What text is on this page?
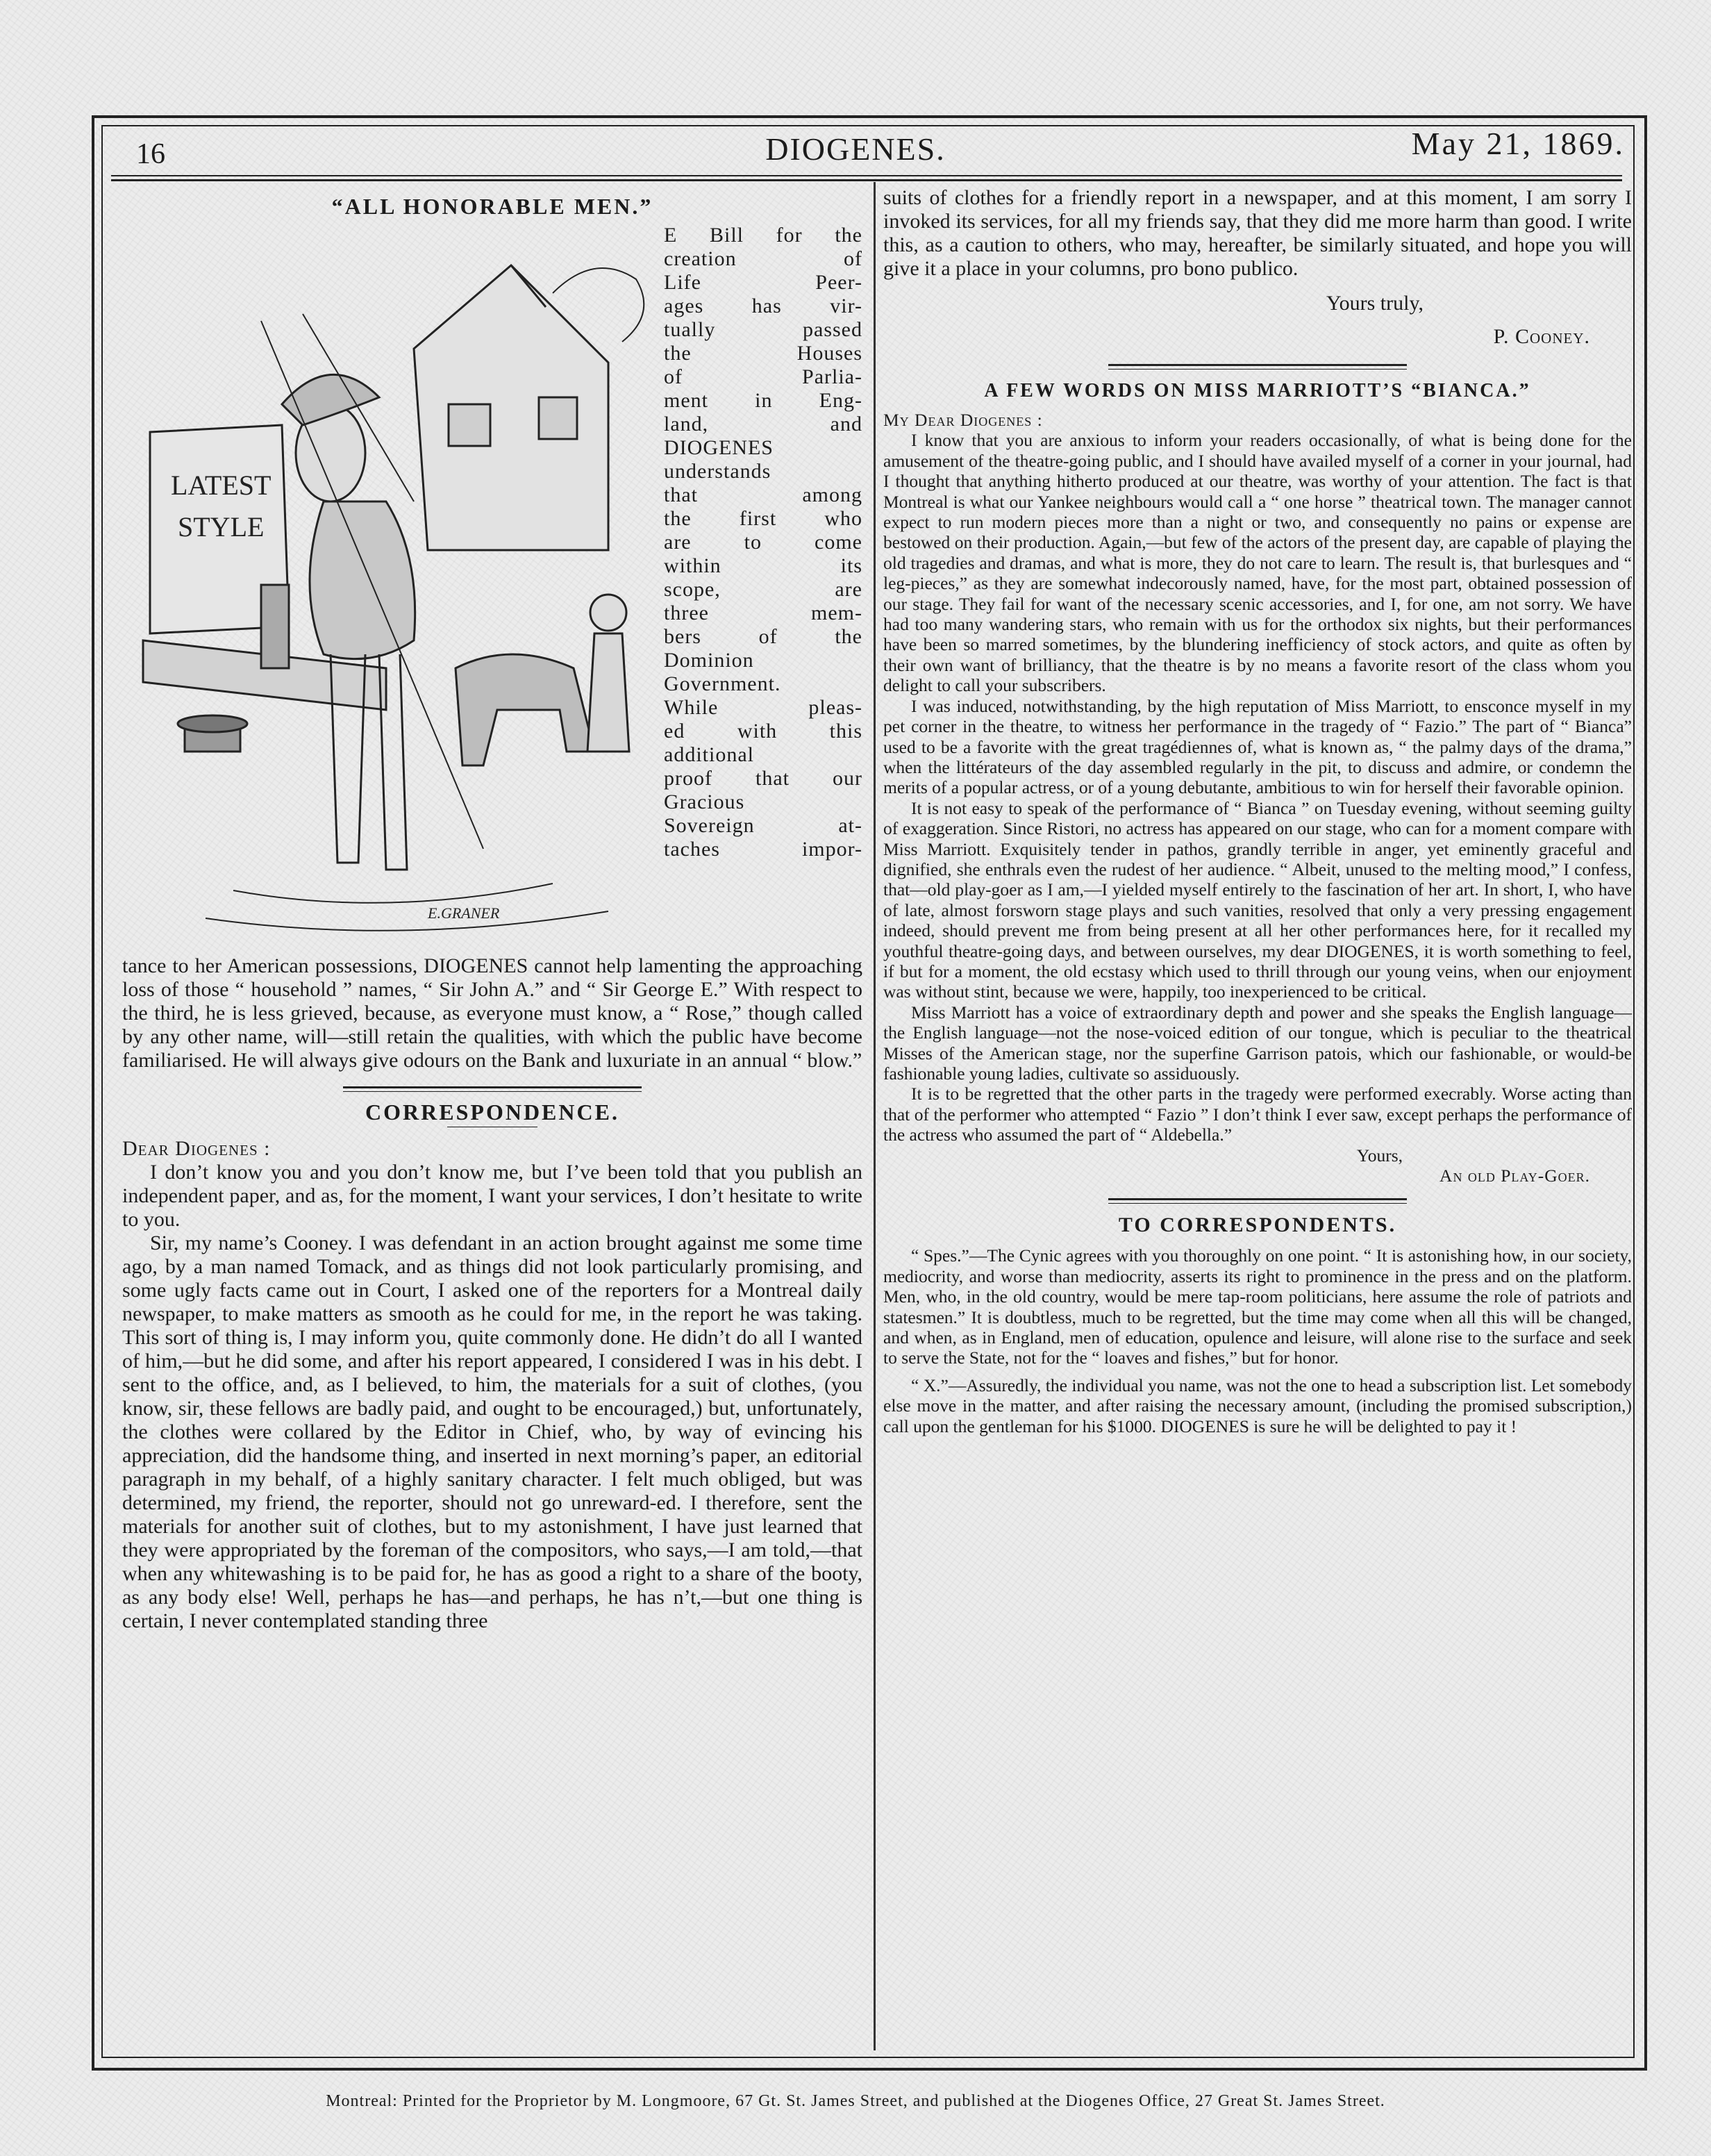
16	DIOGENES.	May 21, 1869.
“ALL HONORABLE MEN.”
LATEST
STYLE
E.GRANER
E Bill for the
creation of
Life Peer-
ages has vir-
tually passed
the Houses
of Parlia-
ment in Eng-
land, and
DIOGENES
understands
that among
the first who
are to come
within its
scope, are
three mem-
bers of the
Dominion
Government.
While pleas-
ed with this
additional
proof that our
Gracious
Sovereign at-
taches impor-

tance to her American possessions, DIOGENES cannot help lamenting the approaching loss of those “ household ” names, “ Sir John A.” and “ Sir George E.” With respect to the third, he is less grieved, because, as everyone must know, a “ Rose,” though called by any other name, will—still retain the qualities, with which the public have become familiarised. He will always give odours on the Bank and luxuriate in an annual “ blow.”

CORRESPONDENCE.

Dear Diogenes :

I don’t know you and you don’t know me, but I’ve been told that you publish an independent paper, and as, for the moment, I want your services, I don’t hesitate to write to you.

Sir, my name’s Cooney. I was defendant in an action brought against me some time ago, by a man named Tomack, and as things did not look particularly promising, and some ugly facts came out in Court, I asked one of the reporters for a Montreal daily newspaper, to make matters as smooth as he could for me, in the report he was taking. This sort of thing is, I may inform you, quite commonly done. He didn’t do all I wanted of him,—but he did some, and after his report appeared, I considered I was in his debt. I sent to the office, and, as I believed, to him, the materials for a suit of clothes, (you know, sir, these fellows are badly paid, and ought to be encouraged,) but, unfortunately, the clothes were collared by the Editor in Chief, who, by way of evincing his appreciation, did the handsome thing, and inserted in next morning’s paper, an editorial paragraph in my behalf, of a highly sanitary character. I felt much obliged, but was determined, my friend, the reporter, should not go unreward-ed. I therefore, sent the materials for another suit of clothes, but to my astonishment, I have just learned that they were appropriated by the foreman of the compositors, who says,—I am told,—that when any whitewashing is to be paid for, he has as good a right to a share of the booty, as any body else! Well, perhaps he has—and perhaps, he has n’t,—but one thing is certain, I never contemplated standing three

suits of clothes for a friendly report in a newspaper, and at this moment, I am sorry I invoked its services, for all my friends say, that they did me more harm than good. I write this, as a caution to others, who may, hereafter, be similarly situated, and hope you will give it a place in your columns, pro bono publico.

Yours truly,

P. Cooney.

A FEW WORDS ON MISS MARRIOTT’S “BIANCA.”

My Dear Diogenes :

I know that you are anxious to inform your readers occasionally, of what is being done for the amusement of the theatre-going public, and I should have availed myself of a corner in your journal, had I thought that anything hitherto produced at our theatre, was worthy of your attention. The fact is that Montreal is what our Yankee neighbours would call a “ one horse ” theatrical town. The manager cannot expect to run modern pieces more than a night or two, and consequently no pains or expense are bestowed on their production. Again,—but few of the actors of the present day, are capable of playing the old tragedies and dramas, and what is more, they do not care to learn. The result is, that burlesques and “ leg-pieces,” as they are somewhat indecorously named, have, for the most part, obtained possession of our stage. They fail for want of the necessary scenic accessories, and I, for one, am not sorry. We have had too many wandering stars, who remain with us for the orthodox six nights, but their performances have been so marred sometimes, by the blundering inefficiency of stock actors, and quite as often by their own want of brilliancy, that the theatre is by no means a favorite resort of the class whom you delight to call your subscribers.

I was induced, notwithstanding, by the high reputation of Miss Marriott, to ensconce myself in my pet corner in the theatre, to witness her performance in the tragedy of “ Fazio.” The part of “ Bianca” used to be a favorite with the great tragédiennes of, what is known as, “ the palmy days of the drama,” when the littérateurs of the day assembled regularly in the pit, to discuss and admire, or condemn the merits of a popular actress, or of a young debutante, ambitious to win for herself their favorable opinion.

It is not easy to speak of the performance of “ Bianca ” on Tuesday evening, without seeming guilty of exaggeration. Since Ristori, no actress has appeared on our stage, who can for a moment compare with Miss Marriott. Exquisitely tender in pathos, grandly terrible in anger, yet eminently graceful and dignified, she enthrals even the rudest of her audience. “ Albeit, unused to the melting mood,” I confess, that—old play-goer as I am,—I yielded myself entirely to the fascination of her art. In short, I, who have of late, almost forsworn stage plays and such vanities, resolved that only a very pressing engagement indeed, should prevent me from being present at all her other performances here, for it recalled my youthful theatre-going days, and between ourselves, my dear DIOGENES, it is worth something to feel, if but for a moment, the old ecstasy which used to thrill through our young veins, when our enjoyment was without stint, because we were, happily, too inexperienced to be critical.

Miss Marriott has a voice of extraordinary depth and power and she speaks the English language—the English language—not the nose-voiced edition of our tongue, which is peculiar to the theatrical Misses of the American stage, nor the superfine Garrison patois, which our fashionable, or would-be fashionable young ladies, cultivate so assiduously.

It is to be regretted that the other parts in the tragedy were performed execrably. Worse acting than that of the performer who attempted “ Fazio ” I don’t think I ever saw, except perhaps the performance of the actress who assumed the part of “ Aldebella.”

Yours,

An old Play-Goer.

TO CORRESPONDENTS.

“ Spes.”—The Cynic agrees with you thoroughly on one point. “ It is astonishing how, in our society, mediocrity, and worse than mediocrity, asserts its right to prominence in the press and on the platform. Men, who, in the old country, would be mere tap-room politicians, here assume the role of patriots and statesmen.” It is doubtless, much to be regretted, but the time may come when all this will be changed, and when, as in England, men of education, opulence and leisure, will alone rise to the surface and seek to serve the State, not for the “ loaves and fishes,” but for honor.

“ X.”—Assuredly, the individual you name, was not the one to head a subscription list. Let somebody else move in the matter, and after raising the necessary amount, (including the promised subscription,) call upon the gentleman for his $1000. DIOGENES is sure he will be delighted to pay it !

Montreal: Printed for the Proprietor by M. Longmoore, 67 Gt. St. James Street, and published at the Diogenes Office, 27 Great St. James Street.
